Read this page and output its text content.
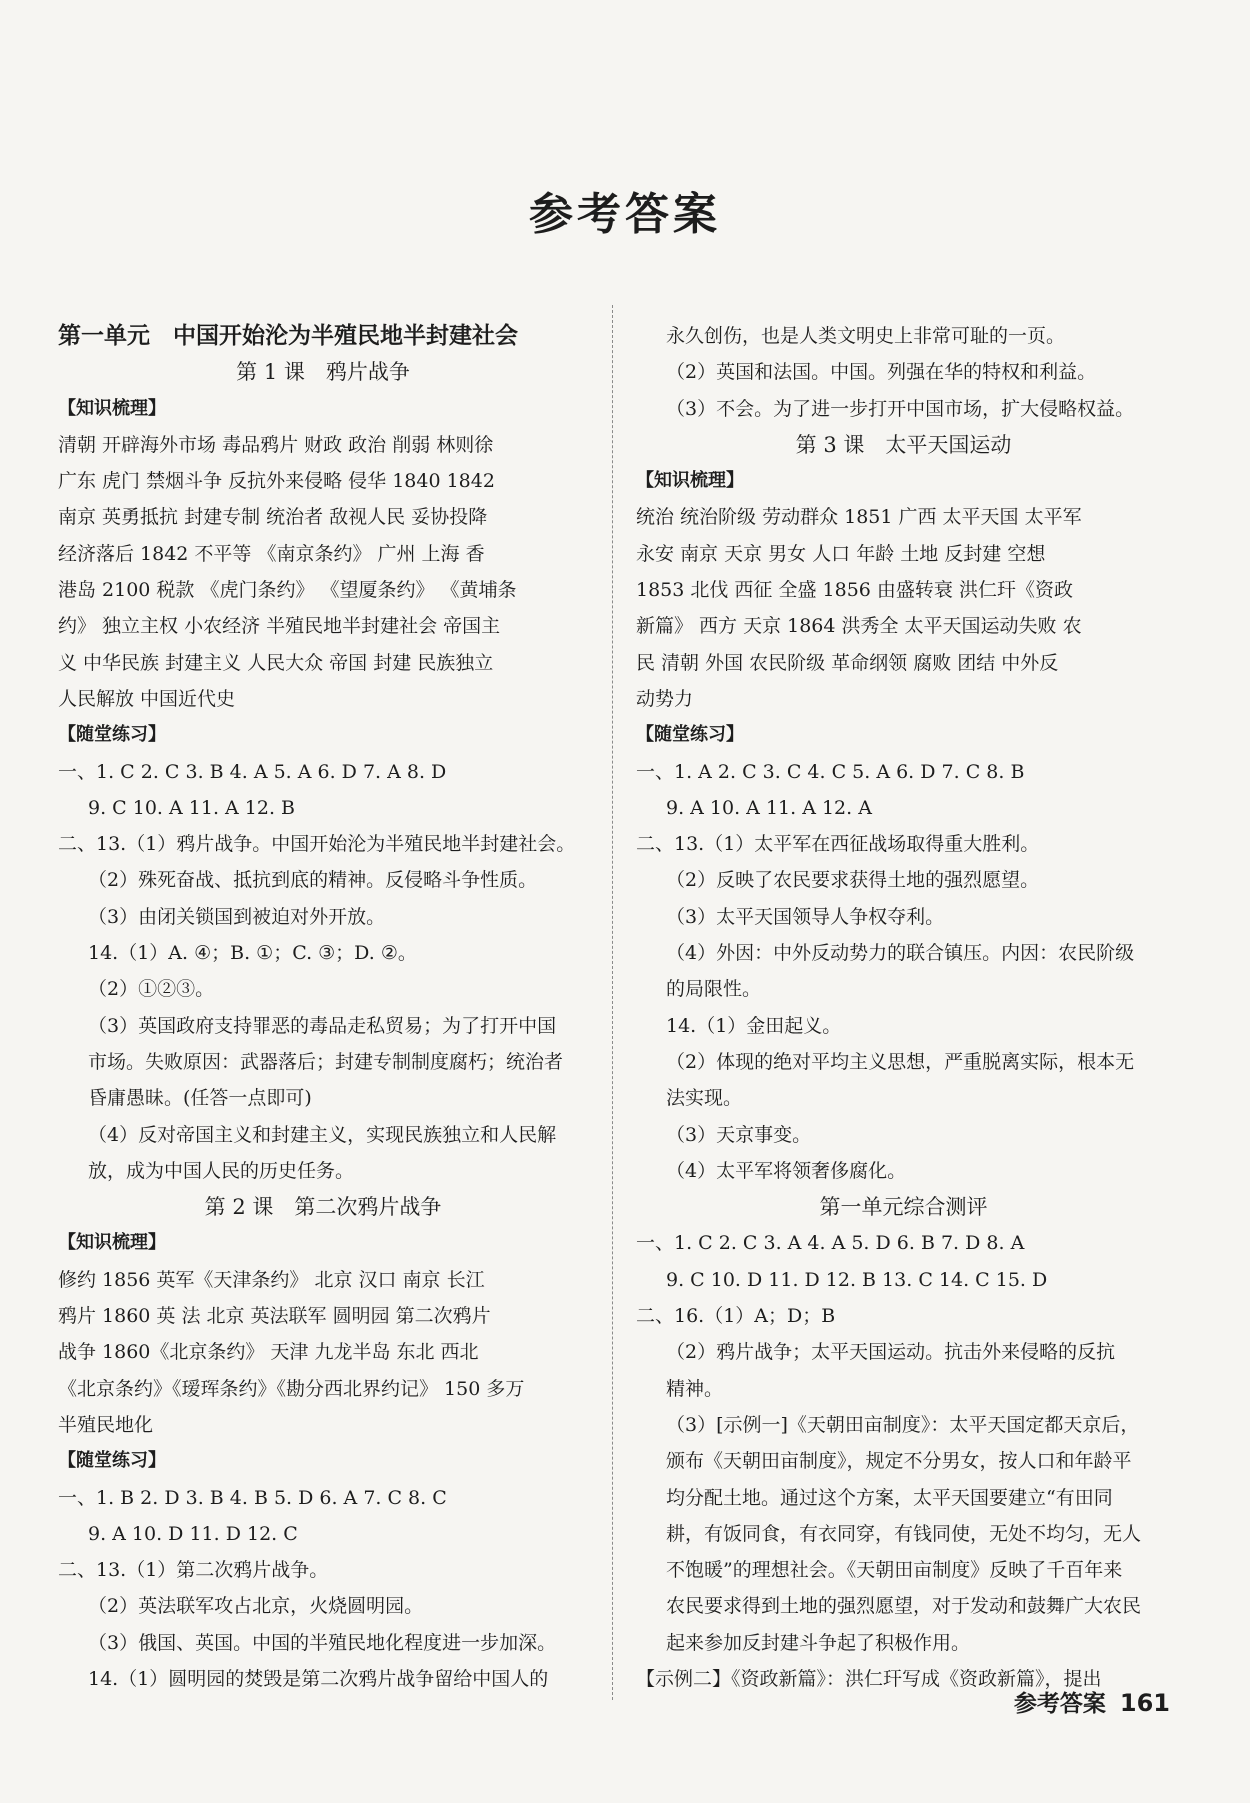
参考答案
第一单元　中国开始沦为半殖民地半封建社会
第 1 课　鸦片战争
【知识梳理】
清朝 开辟海外市场 毒品鸦片 财政 政治 削弱 林则徐
广东 虎门 禁烟斗争 反抗外来侵略 侵华 1840 1842
南京 英勇抵抗 封建专制 统治者 敌视人民 妥协投降
经济落后 1842 不平等 《南京条约》 广州 上海 香
港岛 2100 税款 《虎门条约》 《望厦条约》 《黄埔条
约》 独立主权 小农经济 半殖民地半封建社会 帝国主
义 中华民族 封建主义 人民大众 帝国 封建 民族独立
人民解放 中国近代史
【随堂练习】
一、1. C 2. C 3. B 4. A 5. A 6. D 7. A 8. D
9. C 10. A 11. A 12. B
二、13.（1）鸦片战争。中国开始沦为半殖民地半封建社会。
（2）殊死奋战、抵抗到底的精神。反侵略斗争性质。
（3）由闭关锁国到被迫对外开放。
14.（1）A. ④；B. ①；C. ③；D. ②。
（2）①②③。
（3）英国政府支持罪恶的毒品走私贸易；为了打开中国
市场。失败原因：武器落后；封建专制制度腐朽；统治者
昏庸愚昧。(任答一点即可)
（4）反对帝国主义和封建主义，实现民族独立和人民解
放，成为中国人民的历史任务。
第 2 课　第二次鸦片战争
【知识梳理】
修约 1856 英军《天津条约》 北京 汉口 南京 长江
鸦片 1860 英 法 北京 英法联军 圆明园 第二次鸦片
战争 1860《北京条约》 天津 九龙半岛 东北 西北
《北京条约》《瑷珲条约》《勘分西北界约记》 150 多万
半殖民地化
【随堂练习】
一、1. B 2. D 3. B 4. B 5. D 6. A 7. C 8. C
9. A 10. D 11. D 12. C
二、13.（1）第二次鸦片战争。
（2）英法联军攻占北京，火烧圆明园。
（3）俄国、英国。中国的半殖民地化程度进一步加深。
14.（1）圆明园的焚毁是第二次鸦片战争留给中国人的
永久创伤，也是人类文明史上非常可耻的一页。
（2）英国和法国。中国。列强在华的特权和利益。
（3）不会。为了进一步打开中国市场，扩大侵略权益。
第 3 课　太平天国运动
【知识梳理】
统治 统治阶级 劳动群众 1851 广西 太平天国 太平军
永安 南京 天京 男女 人口 年龄 土地 反封建 空想
1853 北伐 西征 全盛 1856 由盛转衰 洪仁玕《资政
新篇》 西方 天京 1864 洪秀全 太平天国运动失败 农
民 清朝 外国 农民阶级 革命纲领 腐败 团结 中外反
动势力
【随堂练习】
一、1. A 2. C 3. C 4. C 5. A 6. D 7. C 8. B
9. A 10. A 11. A 12. A
二、13.（1）太平军在西征战场取得重大胜利。
（2）反映了农民要求获得土地的强烈愿望。
（3）太平天国领导人争权夺利。
（4）外因：中外反动势力的联合镇压。内因：农民阶级
的局限性。
14.（1）金田起义。
（2）体现的绝对平均主义思想，严重脱离实际，根本无
法实现。
（3）天京事变。
（4）太平军将领奢侈腐化。
第一单元综合测评
一、1. C 2. C 3. A 4. A 5. D 6. B 7. D 8. A
9. C 10. D 11. D 12. B 13. C 14. C 15. D
二、16.（1）A；D；B
（2）鸦片战争；太平天国运动。抗击外来侵略的反抗
精神。
（3）[示例一]《天朝田亩制度》：太平天国定都天京后，
颁布《天朝田亩制度》，规定不分男女，按人口和年龄平
均分配土地。通过这个方案，太平天国要建立“有田同
耕，有饭同食，有衣同穿，有钱同使，无处不均匀，无人
不饱暖”的理想社会。《天朝田亩制度》反映了千百年来
农民要求得到土地的强烈愿望，对于发动和鼓舞广大农民
起来参加反封建斗争起了积极作用。
【示例二】《资政新篇》：洪仁玕写成《资政新篇》，提出
参考答案 161
